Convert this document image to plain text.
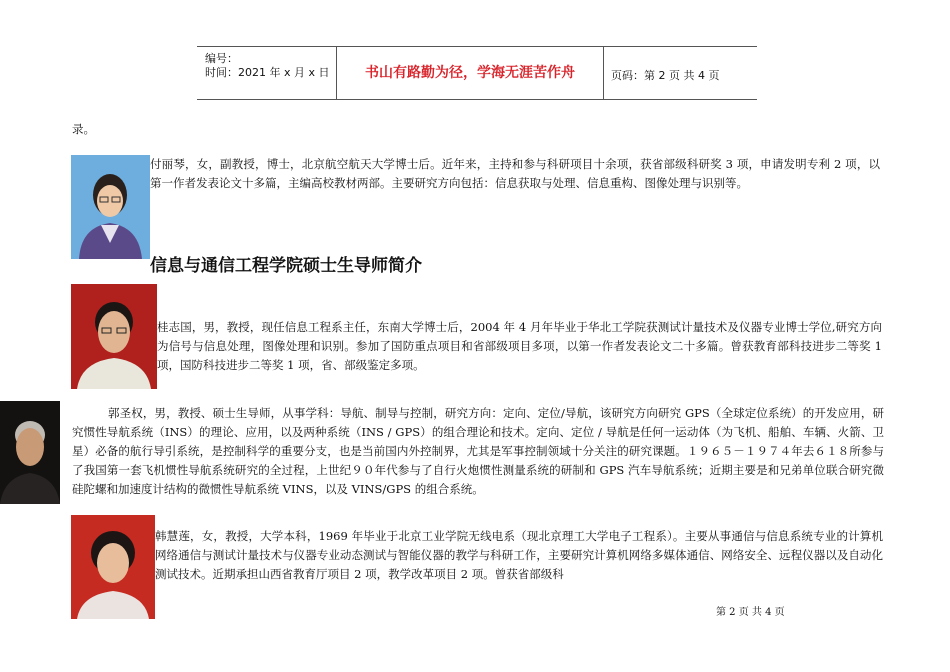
编号：
时间：2021 年 x 月 x 日	书山有路勤为径，学海无涯苦作舟	页码：第 2 页 共 4 页
录。
付丽琴，女，副教授，博士，北京航空航天大学博士后。近年来，主持和参与科研项目十余项，获省部级科研奖 3 项，申请发明专利 2 项，以第一作者发表论文十多篇，主编高校教材两部。主要研究方向包括：信息获取与处理、信息重构、图像处理与识别等。
信息与通信工程学院硕士生导师简介
桂志国，男，教授，现任信息工程系主任，东南大学博士后，2004 年 4 月年毕业于华北工学院获测试计量技术及仪器专业博士学位,研究方向为信号与信息处理，图像处理和识别。参加了国防重点项目和省部级项目多项，以第一作者发表论文二十多篇。曾获教育部科技进步二等奖 1 项，国防科技进步二等奖 1 项，省、部级鉴定多项。
郭圣权，男，教授、硕士生导师，从事学科：导航、制导与控制，研究方向：定向、定位/导航，该研究方向研究 GPS（全球定位系统）的开发应用，研究惯性导航系统（INS）的理论、应用，以及两种系统（INS / GPS）的组合理论和技术。定向、定位 / 导航是任何一运动体（为飞机、船舶、车辆、火箭、卫星）必备的航行导引系统，是控制科学的重要分支，也是当前国内外控制界，尤其是军事控制领域十分关注的研究课题。１９６５－１９７４年去６１８所参与了我国第一套飞机惯性导航系统研究的全过程，上世纪９０年代参与了自行火炮惯性测量系统的研制和 GPS 汽车导航系统；近期主要是和兄弟单位联合研究微硅陀螺和加速度计结构的微惯性导航系统 VINS，以及 VINS/GPS 的组合系统。
韩慧莲，女，教授，大学本科，1969 年毕业于北京工业学院无线电系（现北京理工大学电子工程系）。主要从事通信与信息系统专业的计算机网络通信与测试计量技术与仪器专业动态测试与智能仪器的教学与科研工作，主要研究计算机网络多媒体通信、网络安全、远程仪器以及自动化测试技术。近期承担山西省教育厅项目 2 项，教学改革项目 2 项。曾获省部级科
第 2 页 共 4 页
